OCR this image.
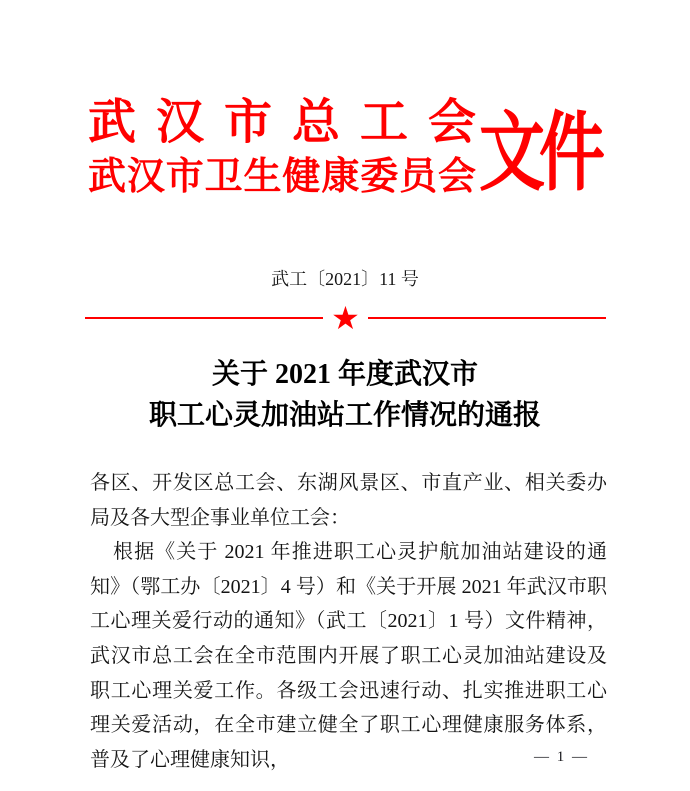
武汉市总工会
武汉市卫生健康委员会 文件
武工〔2021〕11 号
★
关于 2021 年度武汉市
职工心灵加油站工作情况的通报

各区、开发区总工会、东湖风景区、市直产业、相关委办局及各大型企事业单位工会：

根据《关于 2021 年推进职工心灵护航加油站建设的通知》（鄂工办〔2021〕4 号）和《关于开展 2021 年武汉市职工心理关爱行动的通知》（武工〔2021〕1 号）文件精神，武汉市总工会在全市范围内开展了职工心灵加油站建设及职工心理关爱工作。各级工会迅速行动、扎实推进职工心理关爱活动，在全市建立健全了职工心理健康服务体系，普及了心理健康知识，	— 1 —
